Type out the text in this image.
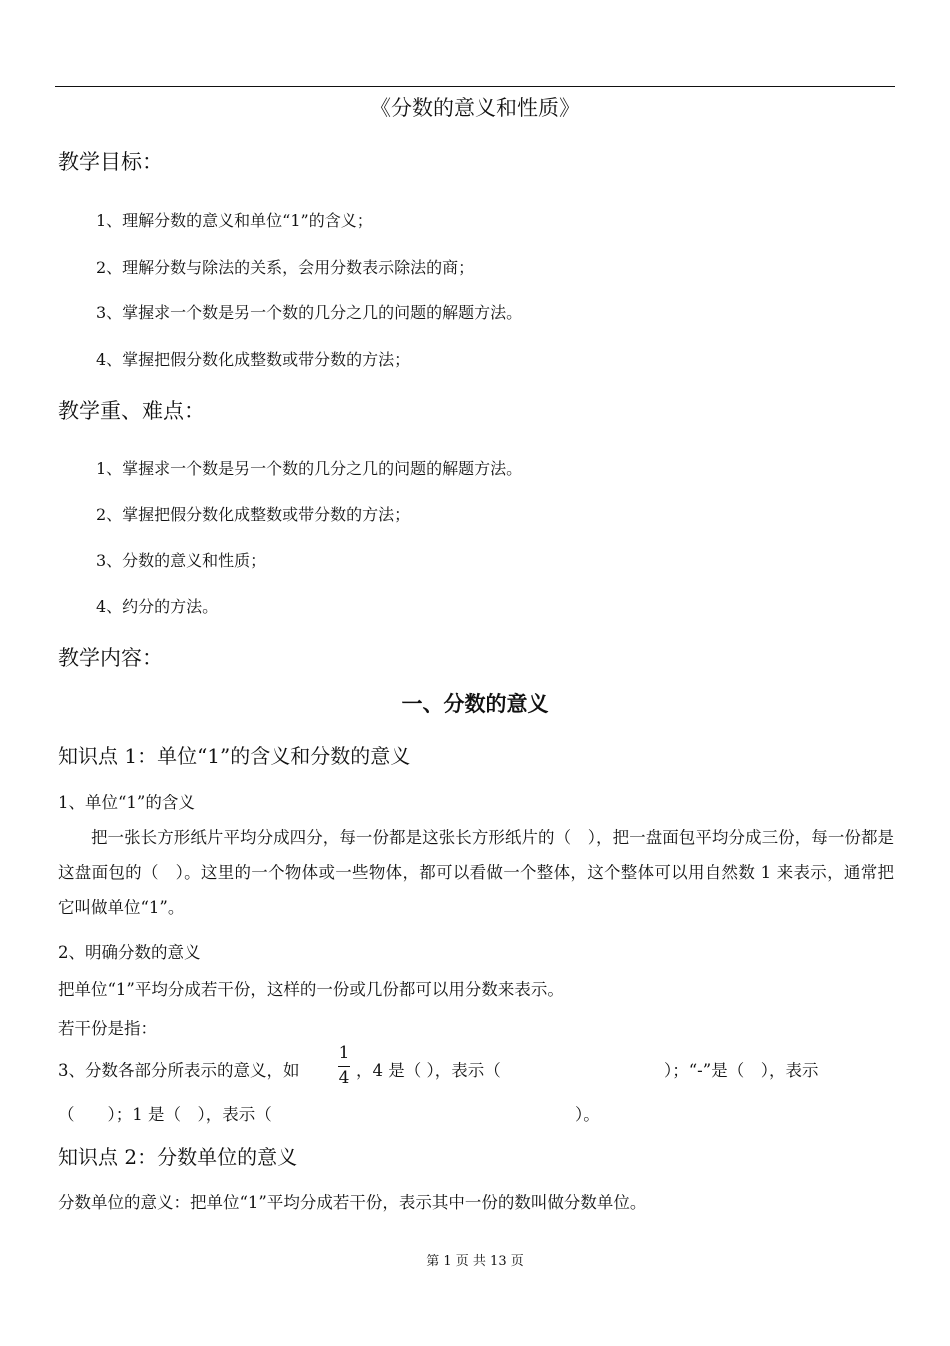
《分数的意义和性质》
教学目标：
1、理解分数的意义和单位“1”的含义；
2、理解分数与除法的关系，会用分数表示除法的商；
3、掌握求一个数是另一个数的几分之几的问题的解题方法。
4、掌握把假分数化成整数或带分数的方法；
教学重、难点：
1、掌握求一个数是另一个数的几分之几的问题的解题方法。
2、掌握把假分数化成整数或带分数的方法；
3、分数的意义和性质；
4、约分的方法。
教学内容：
一、分数的意义
知识点 1：单位“1”的含义和分数的意义
1、单位“1”的含义
把一张长方形纸片平均分成四分，每一份都是这张长方形纸片的（　），把一盘面包平均分成三份，每一份都是这盘面包的（　）。这里的一个物体或一些物体，都可以看做一个整体，这个整体可以用自然数 1 来表示，通常把它叫做单位“1”。
2、明确分数的意义
把单位“1”平均分成若干份，这样的一份或几份都可以用分数来表示。
若干份是指：
3、分数各部分所表示的意义，如
1
4 ，4 是（ ），表示（	）；“-”是（　），表示
（　　）；1 是（　），表示（	）。
知识点 2：分数单位的意义
分数单位的意义：把单位“1”平均分成若干份，表示其中一份的数叫做分数单位。
第 1 页 共 13 页
